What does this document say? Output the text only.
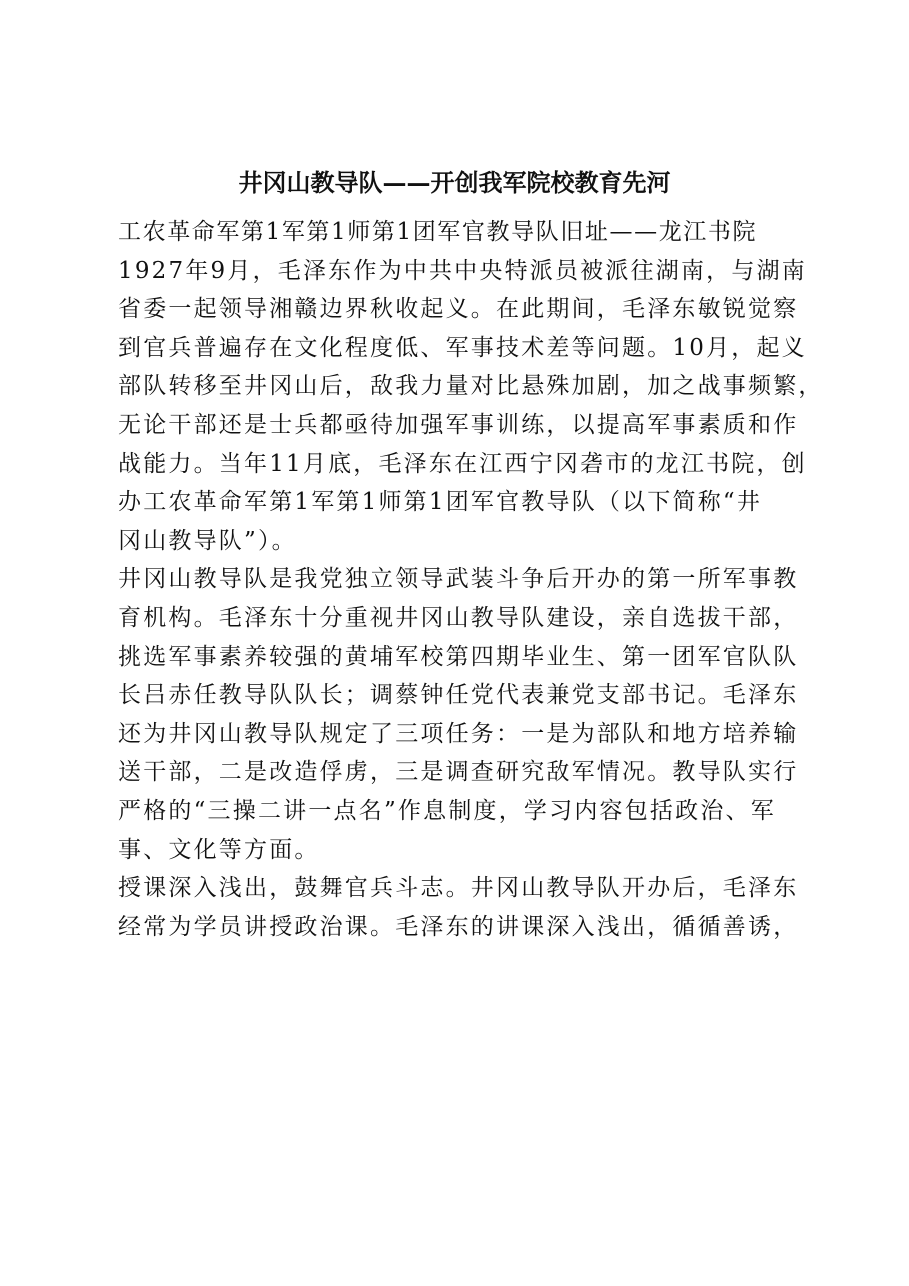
井冈山教导队——开创我军院校教育先河
工农革命军第1军第1师第1团军官教导队旧址——龙江书院
1927年9月，毛泽东作为中共中央特派员被派往湖南，与湖南
省委一起领导湘赣边界秋收起义。在此期间，毛泽东敏锐觉察
到官兵普遍存在文化程度低、军事技术差等问题。10月，起义
部队转移至井冈山后，敌我力量对比悬殊加剧，加之战事频繁，
无论干部还是士兵都亟待加强军事训练，以提高军事素质和作
战能力。当年11月底，毛泽东在江西宁冈砻市的龙江书院，创
办工农革命军第1军第1师第1团军官教导队（以下简称“井
冈山教导队”）。
井冈山教导队是我党独立领导武装斗争后开办的第一所军事教
育机构。毛泽东十分重视井冈山教导队建设，亲自选拔干部，
挑选军事素养较强的黄埔军校第四期毕业生、第一团军官队队
长吕赤任教导队队长；调蔡钟任党代表兼党支部书记。毛泽东
还为井冈山教导队规定了三项任务：一是为部队和地方培养输
送干部，二是改造俘虏，三是调查研究敌军情况。教导队实行
严格的“三操二讲一点名”作息制度，学习内容包括政治、军
事、文化等方面。
授课深入浅出，鼓舞官兵斗志。井冈山教导队开办后，毛泽东
经常为学员讲授政治课。毛泽东的讲课深入浅出，循循善诱，
